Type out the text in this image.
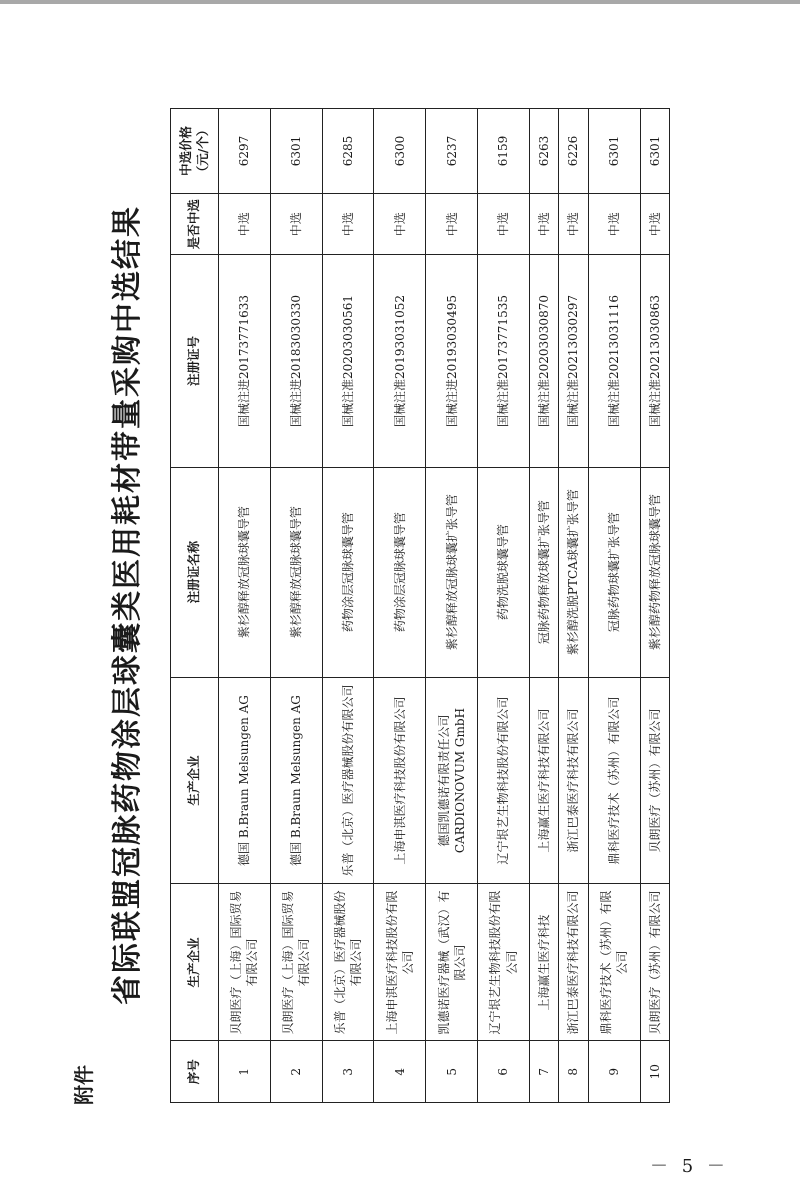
附件
省际联盟冠脉药物涂层球囊类医用耗材带量采购中选结果
序号	生产企业	生产企业	注册证名称	注册证号	是否中选	中选价格（元/个）
1	贝朗医疗（上海）国际贸易有限公司	德国 B.Braun Melsungen AG	紫杉醇释放冠脉球囊导管	国械注进20173771633	中选	6297
2	贝朗医疗（上海）国际贸易有限公司	德国 B.Braun Melsungen AG	紫杉醇释放冠脉球囊导管	国械注进20183030330	中选	6301
3	乐普（北京）医疗器械股份有限公司	乐普（北京）医疗器械股份有限公司	药物涂层冠脉球囊导管	国械注准20203030561	中选	6285
4	上海申淇医疗科技股份有限公司	上海申淇医疗科技股份有限公司	药物涂层冠脉球囊导管	国械注准20193031052	中选	6300
5	凯德诺医疗器械（武汉）有限公司	德国凯德诺有限责任公司 CARDIONOVUM GmbH	紫杉醇释放冠脉球囊扩张导管	国械注进20193030495	中选	6237
6	辽宁垠艺生物科技股份有限公司	辽宁垠艺生物科技股份有限公司	药物洗脱球囊导管	国械注准20173771535	中选	6159
7	上海赢生医疗科技	上海赢生医疗科技有限公司	冠脉药物释放球囊扩张导管	国械注准20203030870	中选	6263
8	浙江巴泰医疗科技有限公司	浙江巴泰医疗科技有限公司	紫杉醇洗脱PTCA球囊扩张导管	国械注准20213030297	中选	6226
9	鼎科医疗技术（苏州）有限公司	鼎科医疗技术（苏州）有限公司	冠脉药物球囊扩张导管	国械注准20213031116	中选	6301
10	贝朗医疗（苏州）有限公司	贝朗医疗（苏州）有限公司	紫杉醇药物释放冠脉球囊导管	国械注准20213030863	中选	6301
－ 5 －
